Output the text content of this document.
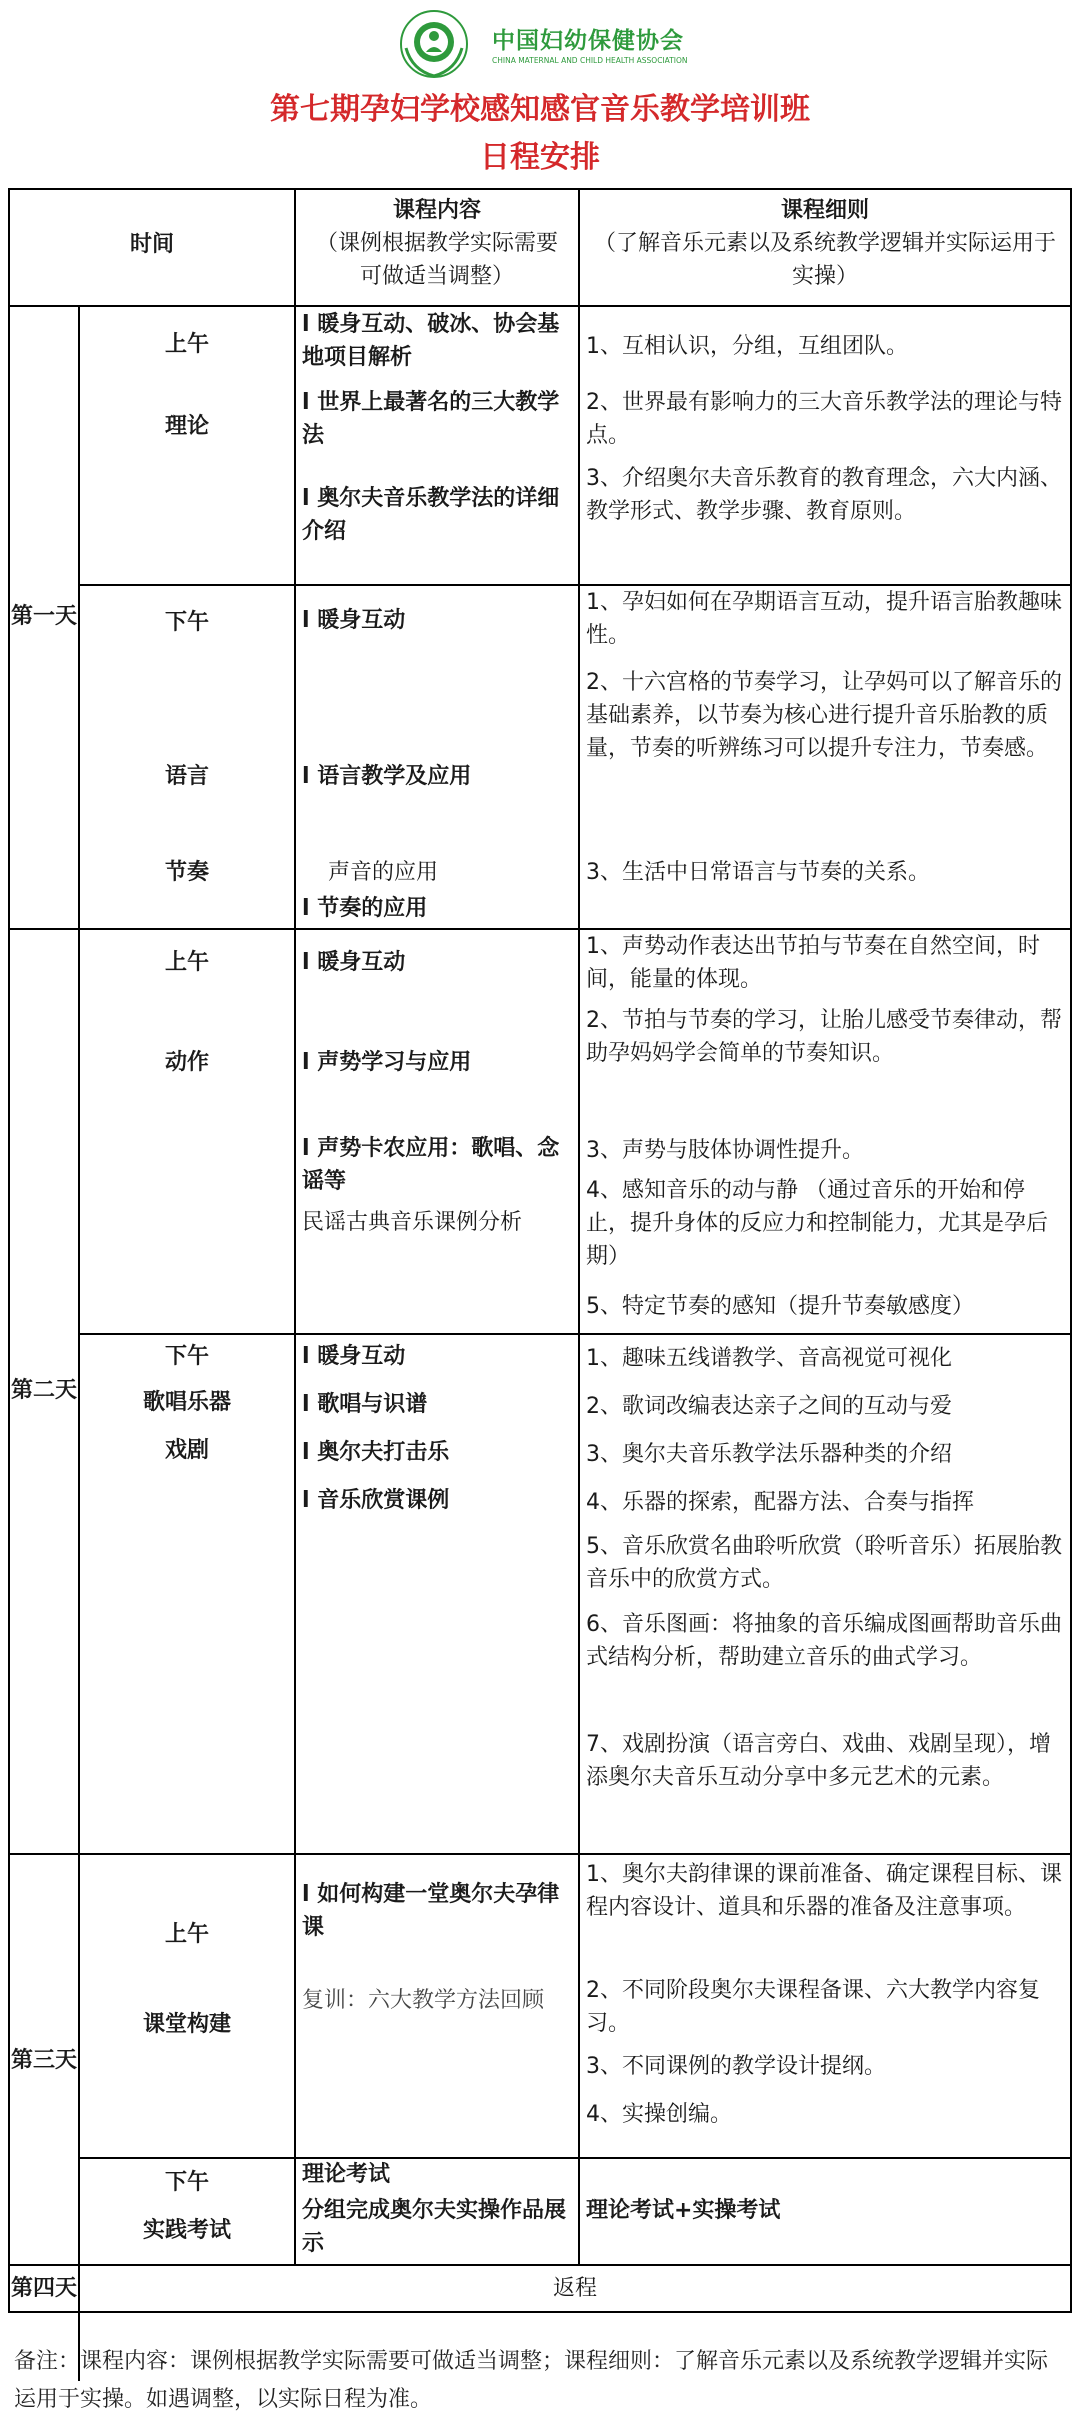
中国妇幼保健协会
CHINA MATERNAL AND CHILD HEALTH ASSOCIATION
第七期孕妇学校感知感官音乐教学培训班
日程安排
时间
课程内容
（课例根据教学实际需要可做适当调整）
课程细则
（了解音乐元素以及系统教学逻辑并实际运用于实操）
第一天
第二天
第三天
第四天
上午
理论
l 暖身互动、破冰、协会基地项目解析
l 世界上最著名的三大教学法
l 奥尔夫音乐教学法的详细介绍
1、互相认识，分组，互组团队。
2、世界最有影响力的三大音乐教学法的理论与特点。
3、介绍奥尔夫音乐教育的教育理念，六大内涵、教学形式、教学步骤、教育原则。
下午
语言
节奏
l 暖身互动
l 语言教学及应用
声音的应用
l 节奏的应用
1、孕妇如何在孕期语言互动，提升语言胎教趣味性。
2、十六宫格的节奏学习，让孕妈可以了解音乐的基础素养，以节奏为核心进行提升音乐胎教的质量，节奏的听辨练习可以提升专注力，节奏感。
3、生活中日常语言与节奏的关系。
上午
动作
l 暖身互动
l 声势学习与应用
l 声势卡农应用：歌唱、念谣等
民谣古典音乐课例分析
1、声势动作表达出节拍与节奏在自然空间，时间，能量的体现。
2、节拍与节奏的学习，让胎儿感受节奏律动，帮助孕妈妈学会简单的节奏知识。
3、声势与肢体协调性提升。
4、感知音乐的动与静 （通过音乐的开始和停止，提升身体的反应力和控制能力，尤其是孕后期）
5、特定节奏的感知（提升节奏敏感度）
下午
歌唱乐器
戏剧
l 暖身互动
l 歌唱与识谱
l 奥尔夫打击乐
l 音乐欣赏课例
1、趣味五线谱教学、音高视觉可视化
2、歌词改编表达亲子之间的互动与爱
3、奥尔夫音乐教学法乐器种类的介绍
4、乐器的探索，配器方法、合奏与指挥
5、音乐欣赏名曲聆听欣赏（聆听音乐）拓展胎教音乐中的欣赏方式。
6、音乐图画：将抽象的音乐编成图画帮助音乐曲式结构分析，帮助建立音乐的曲式学习。
7、戏剧扮演（语言旁白、戏曲、戏剧呈现），增添奥尔夫音乐互动分享中多元艺术的元素。
上午
课堂构建
l 如何构建一堂奥尔夫孕律课
复训：六大教学方法回顾
1、奥尔夫韵律课的课前准备、确定课程目标、课程内容设计、道具和乐器的准备及注意事项。
2、不同阶段奥尔夫课程备课、六大教学内容复习。
3、不同课例的教学设计提纲。
4、实操创编。
下午
实践考试
理论考试
分组完成奥尔夫实操作品展示
理论考试+实操考试
返程
备注：课程内容：课例根据教学实际需要可做适当调整；课程细则：了解音乐元素以及系统教学逻辑并实际运用于实操。如遇调整，以实际日程为准。
